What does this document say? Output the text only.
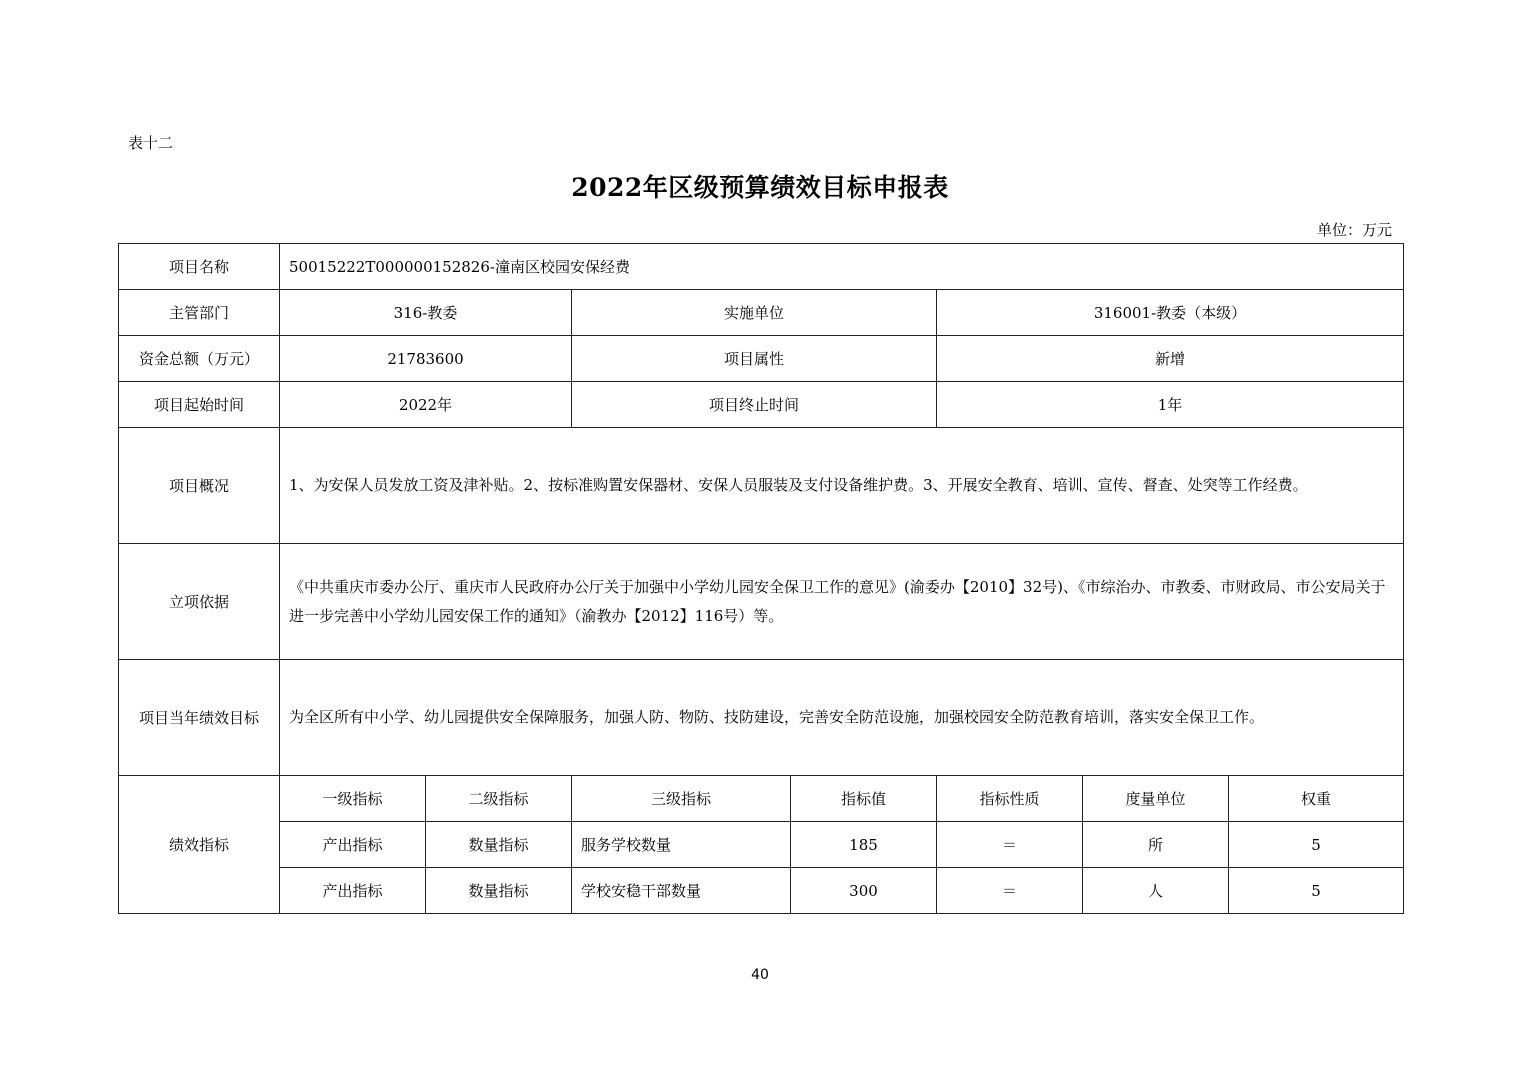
表十二
2022年区级预算绩效目标申报表
单位：万元
项目名称	50015222T000000152826-潼南区校园安保经费						
主管部门	316-教委		实施单位		316001-教委（本级）		
资金总额（万元）	21783600		项目属性		新增		
项目起始时间	2022年		项目终止时间		1年		
项目概况	1、为安保人员发放工资及津补贴。2、按标准购置安保器材、安保人员服装及支付设备维护费。3、开展安全教育、培训、宣传、督查、处突等工作经费。						
立项依据	《中共重庆市委办公厅、重庆市人民政府办公厅关于加强中小学幼儿园安全保卫工作的意见》(渝委办【2010】32号)、《市综治办、市教委、市财政局、市公安局关于进一步完善中小学幼儿园安保工作的通知》（渝教办【2012】116号）等。						
项目当年绩效目标	为全区所有中小学、幼儿园提供安全保障服务，加强人防、物防、技防建设，完善安全防范设施，加强校园安全防范教育培训，落实安全保卫工作。						
绩效指标	一级指标	二级指标	三级指标	指标值	指标性质	度量单位	权重
	产出指标	数量指标	服务学校数量	185	＝	所	5
	产出指标	数量指标	学校安稳干部数量	300	＝	人	5
40
